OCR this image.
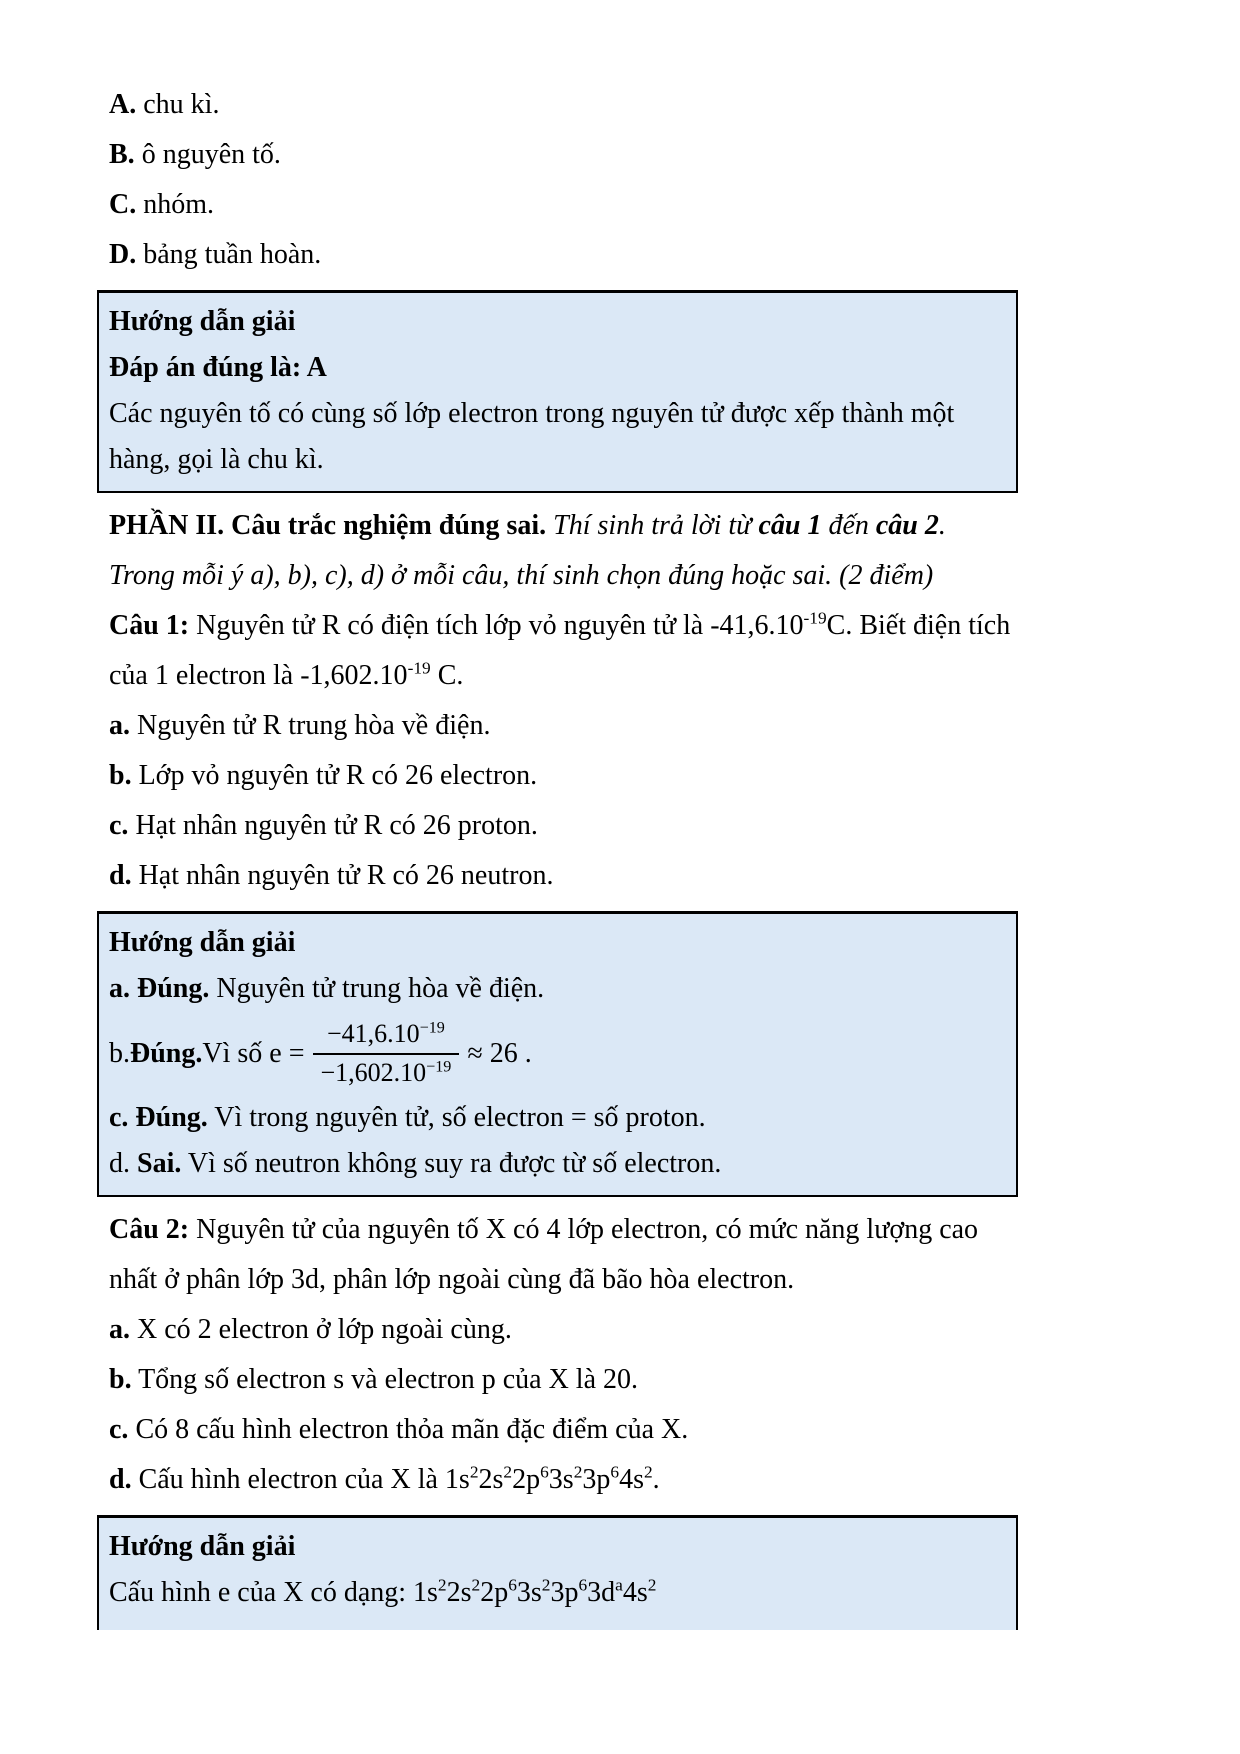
A. chu kì.

B. ô nguyên tố.

C. nhóm.

D. bảng tuần hoàn.

Hướng dẫn giải

Đáp án đúng là: A

Các nguyên tố có cùng số lớp electron trong nguyên tử được xếp thành một hàng, gọi là chu kì.

PHẦN II. Câu trắc nghiệm đúng sai. Thí sinh trả lời từ câu 1 đến câu 2. Trong mỗi ý a), b), c), d) ở mỗi câu, thí sinh chọn đúng hoặc sai. (2 điểm)

Câu 1: Nguyên tử R có điện tích lớp vỏ nguyên tử là $-41,6.10^{-19}C$. Biết điện tích của 1 electron là $-1,602.10^{-19}$ C.

a. Nguyên tử R trung hòa về điện.

b. Lớp vỏ nguyên tử R có 26 electron.

c. Hạt nhân nguyên tử R có 26 proton.

d. Hạt nhân nguyên tử R có 26 neutron.

Hướng dẫn giải

a. Đúng. Nguyên tử trung hòa về điện.

b. Đúng. Vì số $e = \frac{-41,6.10^{-19}}{-1,602.10^{-19}} \approx 26$ .

c. Đúng. Vì trong nguyên tử, số electron = số proton.

d. Sai. Vì số neutron không suy ra được từ số electron.

Câu 2: Nguyên tử của nguyên tố X có 4 lớp electron, có mức năng lượng cao nhất ở phân lớp 3d, phân lớp ngoài cùng đã bão hòa electron.

a. X có 2 electron ở lớp ngoài cùng.

b. Tổng số electron s và electron p của X là 20.

c. Có 8 cấu hình electron thỏa mãn đặc điểm của X.

d. Cấu hình electron của X là $1s^22s^22p^63s^23p^64s^2$.

Hướng dẫn giải

Cấu hình e của X có dạng: $1s^22s^22p^63s^23p^63d^a4s^2$
